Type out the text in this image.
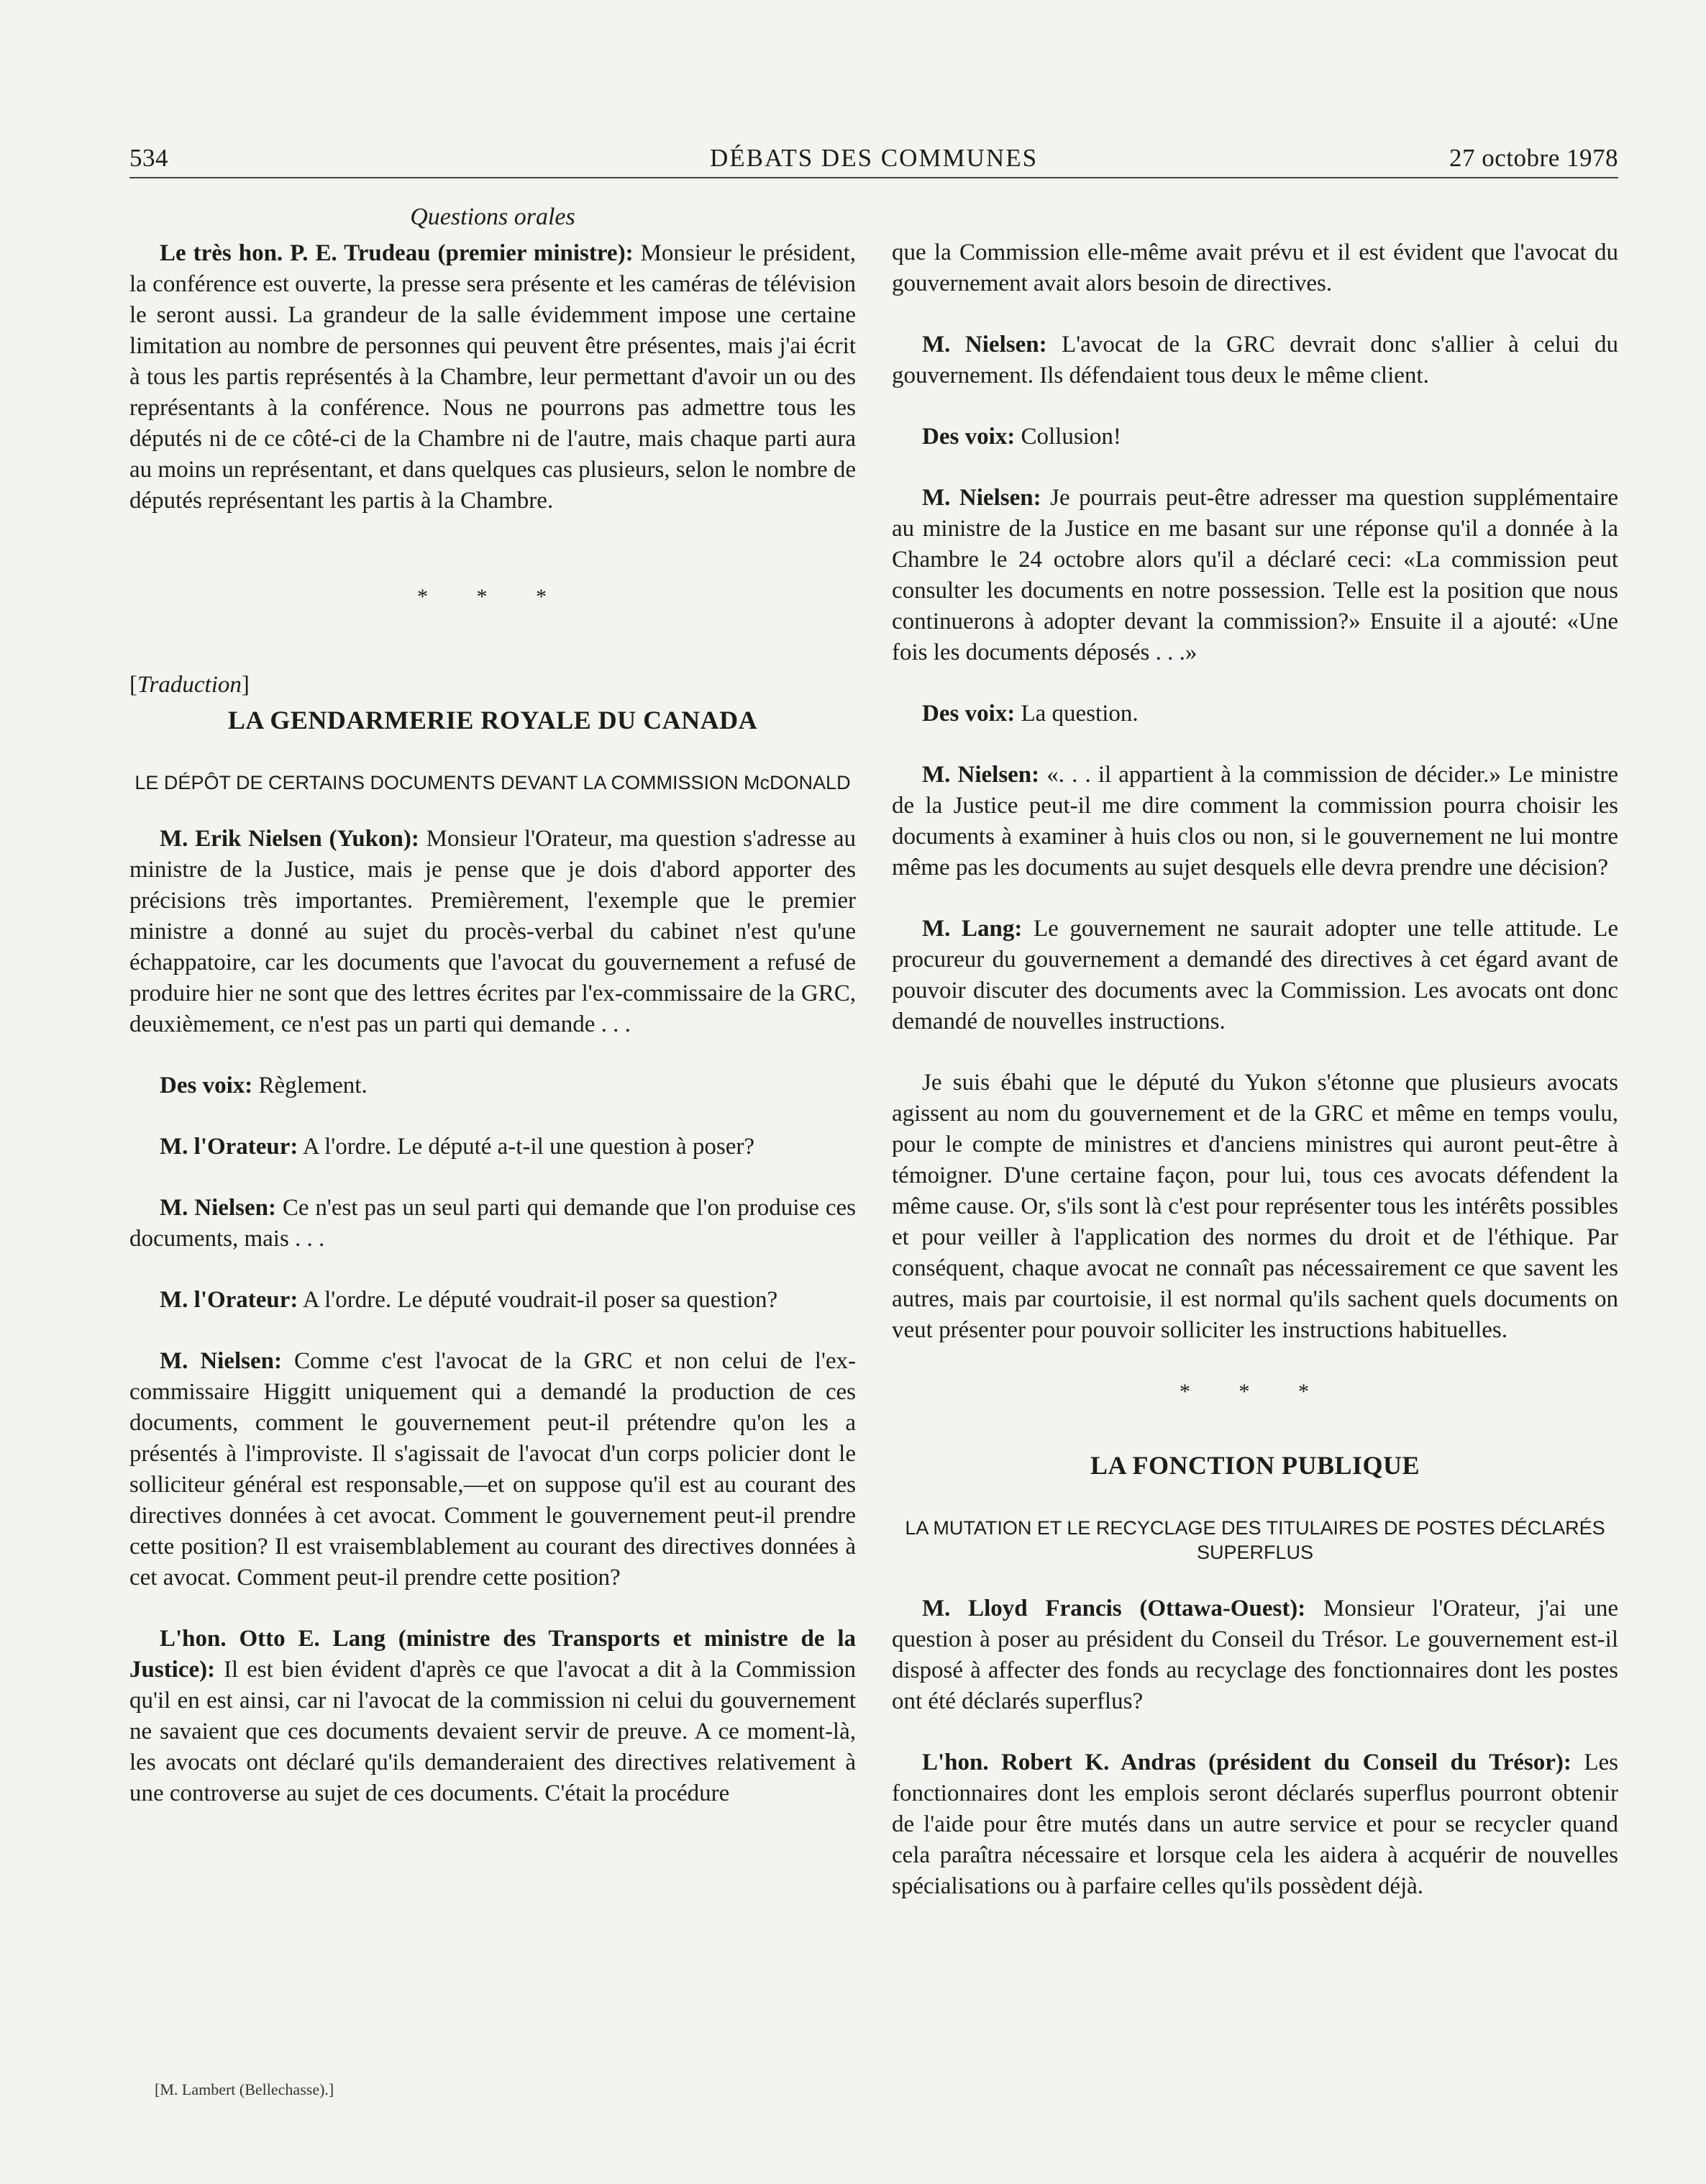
534	DÉBATS DES COMMUNES	27 octobre 1978
Questions orales

Le très hon. P. E. Trudeau (premier ministre): Monsieur le président, la conférence est ouverte, la presse sera présente et les caméras de télévision le seront aussi. La grandeur de la salle évidemment impose une certaine limitation au nombre de personnes qui peuvent être présentes, mais j'ai écrit à tous les partis représentés à la Chambre, leur permettant d'avoir un ou des représentants à la conférence. Nous ne pourrons pas admettre tous les députés ni de ce côté-ci de la Chambre ni de l'autre, mais chaque parti aura au moins un représentant, et dans quelques cas plusieurs, selon le nombre de députés représentant les partis à la Chambre.

* * *
[Traduction]
LA GENDARMERIE ROYALE DU CANADA
LE DÉPÔT DE CERTAINS DOCUMENTS DEVANT LA COMMISSION McDONALD

M. Erik Nielsen (Yukon): Monsieur l'Orateur, ma question s'adresse au ministre de la Justice, mais je pense que je dois d'abord apporter des précisions très importantes. Premièrement, l'exemple que le premier ministre a donné au sujet du procès-verbal du cabinet n'est qu'une échappatoire, car les documents que l'avocat du gouvernement a refusé de produire hier ne sont que des lettres écrites par l'ex-commissaire de la GRC, deuxièmement, ce n'est pas un parti qui demande . . .

Des voix: Règlement.

M. l'Orateur: A l'ordre. Le député a-t-il une question à poser?

M. Nielsen: Ce n'est pas un seul parti qui demande que l'on produise ces documents, mais . . .

M. l'Orateur: A l'ordre. Le député voudrait-il poser sa question?

M. Nielsen: Comme c'est l'avocat de la GRC et non celui de l'ex-commissaire Higgitt uniquement qui a demandé la production de ces documents, comment le gouvernement peut-il prétendre qu'on les a présentés à l'improviste. Il s'agissait de l'avocat d'un corps policier dont le solliciteur général est responsable,—et on suppose qu'il est au courant des directives données à cet avocat. Comment le gouvernement peut-il prendre cette position? Il est vraisemblablement au courant des directives données à cet avocat. Comment peut-il prendre cette position?

L'hon. Otto E. Lang (ministre des Transports et ministre de la Justice): Il est bien évident d'après ce que l'avocat a dit à la Commission qu'il en est ainsi, car ni l'avocat de la commission ni celui du gouvernement ne savaient que ces documents devaient servir de preuve. A ce moment-là, les avocats ont déclaré qu'ils demanderaient des directives relativement à une controverse au sujet de ces documents. C'était la procédure

[M. Lambert (Bellechasse).]

que la Commission elle-même avait prévu et il est évident que l'avocat du gouvernement avait alors besoin de directives.

M. Nielsen: L'avocat de la GRC devrait donc s'allier à celui du gouvernement. Ils défendaient tous deux le même client.

Des voix: Collusion!

M. Nielsen: Je pourrais peut-être adresser ma question supplémentaire au ministre de la Justice en me basant sur une réponse qu'il a donnée à la Chambre le 24 octobre alors qu'il a déclaré ceci: «La commission peut consulter les documents en notre possession. Telle est la position que nous continuerons à adopter devant la commission?» Ensuite il a ajouté: «Une fois les documents déposés . . .»

Des voix: La question.

M. Nielsen: «. . . il appartient à la commission de décider.» Le ministre de la Justice peut-il me dire comment la commission pourra choisir les documents à examiner à huis clos ou non, si le gouvernement ne lui montre même pas les documents au sujet desquels elle devra prendre une décision?

M. Lang: Le gouvernement ne saurait adopter une telle attitude. Le procureur du gouvernement a demandé des directives à cet égard avant de pouvoir discuter des documents avec la Commission. Les avocats ont donc demandé de nouvelles instructions.

Je suis ébahi que le député du Yukon s'étonne que plusieurs avocats agissent au nom du gouvernement et de la GRC et même en temps voulu, pour le compte de ministres et d'anciens ministres qui auront peut-être à témoigner. D'une certaine façon, pour lui, tous ces avocats défendent la même cause. Or, s'ils sont là c'est pour représenter tous les intérêts possibles et pour veiller à l'application des normes du droit et de l'éthique. Par conséquent, chaque avocat ne connaît pas nécessairement ce que savent les autres, mais par courtoisie, il est normal qu'ils sachent quels documents on veut présenter pour pouvoir solliciter les instructions habituelles.

* * *
LA FONCTION PUBLIQUE
LA MUTATION ET LE RECYCLAGE DES TITULAIRES DE POSTES DÉCLARÉS SUPERFLUS

M. Lloyd Francis (Ottawa-Ouest): Monsieur l'Orateur, j'ai une question à poser au président du Conseil du Trésor. Le gouvernement est-il disposé à affecter des fonds au recyclage des fonctionnaires dont les postes ont été déclarés superflus?

L'hon. Robert K. Andras (président du Conseil du Trésor): Les fonctionnaires dont les emplois seront déclarés superflus pourront obtenir de l'aide pour être mutés dans un autre service et pour se recycler quand cela paraîtra nécessaire et lorsque cela les aidera à acquérir de nouvelles spécialisations ou à parfaire celles qu'ils possèdent déjà.
